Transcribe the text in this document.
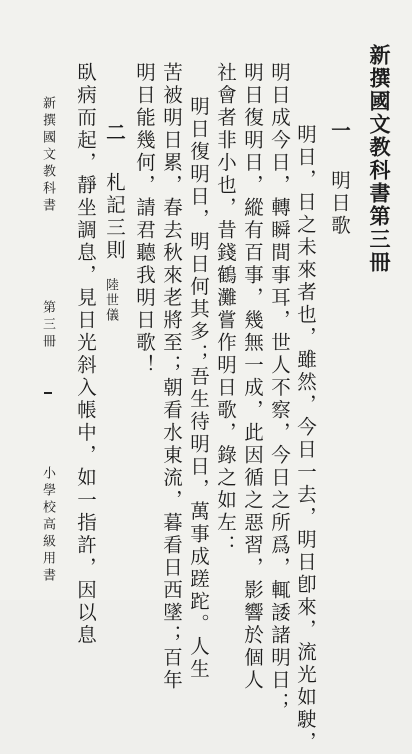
新撰國文教科書第三冊
一
明日歌
明日，日之未來者也，雖然，今日一去，明日卽來，流光如駛，
明日成今日，轉瞬間事耳，世人不察，今日之所爲，輒諉諸明日；
明日復明日，縱有百事，幾無一成，此因循之惡習，影響於個人
社會者非小也，昔錢鶴灘嘗作明日歌，錄之如左：
明日復明日，明日何其多；吾生待明日，萬事成蹉跎。人生
苦被明日累，春去秋來老將至；朝看水東流，暮看日西墜；百年
明日能幾何，請君聽我明日歌！
二
札記三則
陸世儀
臥病而起，靜坐調息，見日光斜入帳中，如一指許，因以息
新撰國文教科書
第三冊
小學校高級用書
